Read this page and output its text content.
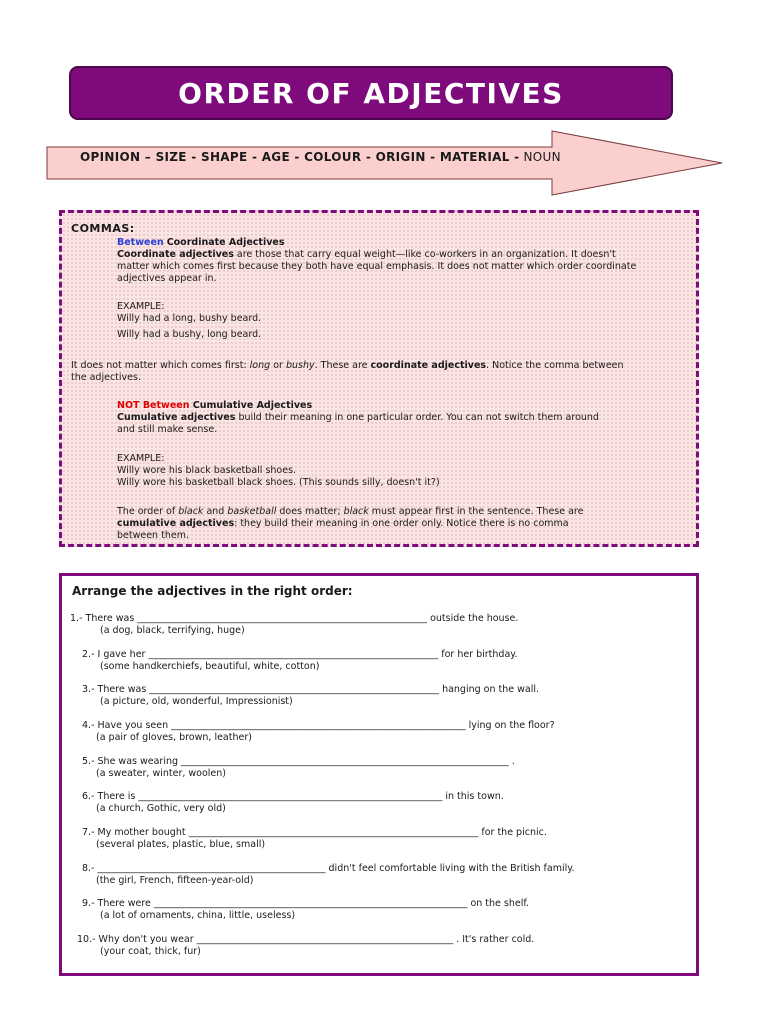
ORDER OF ADJECTIVES
OPINION – SIZE - SHAPE - AGE - COLOUR - ORIGIN - MATERIAL - NOUN
COMMAS:
Between Coordinate Adjectives
Coordinate adjectives are those that carry equal weight—like co-workers in an organization. It doesn't
matter which comes first because they both have equal emphasis. It does not matter which order coordinate
adjectives appear in.
EXAMPLE:
Willy had a long, bushy beard.
Willy had a bushy, long beard.
It does not matter which comes first: long or bushy. These are coordinate adjectives. Notice the comma between
the adjectives.
NOT Between Cumulative Adjectives
Cumulative adjectives build their meaning in one particular order. You can not switch them around
and still make sense.
EXAMPLE:
Willy wore his black basketball shoes.
Willy wore his basketball black shoes. (This sounds silly, doesn't it?)
The order of black and basketball does matter; black must appear first in the sentence. These are
cumulative adjectives: they build their meaning in one order only. Notice there is no comma
between them.
Arrange the adjectives in the right order:
1.- There was _____________________________________________________________ outside the house.
(a dog, black, terrifying, huge)
2.- I gave her _____________________________________________________________ for her birthday.
(some handkerchiefs, beautiful, white, cotton)
3.- There was _____________________________________________________________ hanging on the wall.
(a picture, old, wonderful, Impressionist)
4.- Have you seen ______________________________________________________________ lying on the floor?
(a pair of gloves, brown, leather)
5.- She was wearing _____________________________________________________________________ .
(a sweater, winter, woolen)
6.- There is ________________________________________________________________ in this town.
(a church, Gothic, very old)
7.- My mother bought _____________________________________________________________ for the picnic.
(several plates, plastic, blue, small)
8.- ________________________________________________ didn't feel comfortable living with the British family.
(the girl, French, fifteen-year-old)
9.- There were __________________________________________________________________ on the shelf.
(a lot of ornaments, china, little, useless)
10.- Why don't you wear ______________________________________________________ . It's rather cold.
(your coat, thick, fur)
